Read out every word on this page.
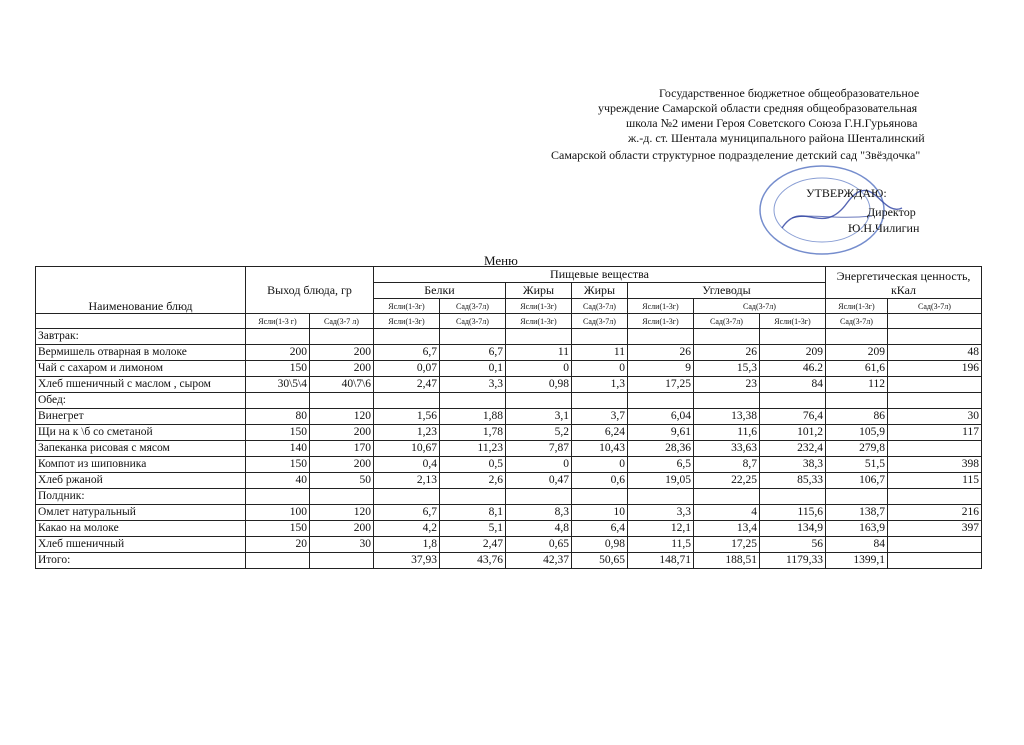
Государственное бюджетное общеобразовательное
учреждение Самарской области средняя общеобразовательная
школа №2 имени Героя Советского Союза Г.Н.Гурьянова
ж.-д. ст. Шентала муниципального района Шенталинский
Самарской области структурное подразделение детский сад "Звёздочка"
УТВЕРЖДАЮ:
Директор
Ю.Н.Чилигин
Меню
Наименование блюд	Выход блюда, гр		Пищевые вещества							Энергетическая ценность, кКал	
			Белки		Жиры	Жиры	Углеводы					
			Ясли(1-3г)	Сад(3-7л)	Ясли(1-3г)	Сад(3-7л)	Ясли(1-3г)	Сад(3-7л)		Ясли(1-3г)	Сад(3-7л)	
	Ясли(1-3 г)	Сад(3-7 л)	Ясли(1-3г)	Сад(3-7л)	Ясли(1-3г)	Сад(3-7л)	Ясли(1-3г)	Сад(3-7л)	Ясли(1-3г)	Сад(3-7л)		
Завтрак:												
Вермишель отварная в молоке	200	200	6,7	6,7	11	11	26	26	209	209	48	
Чай с сахаром и лимоном	150	200	0,07	0,1	0	0	9	15,3	46.2	61,6	196	
Хлеб пшеничный с маслом , сыром	30\5\4	40\7\6	2,47	3,3	0,98	1,3	17,25	23	84	112		
Обед:												
Винегрет	80	120	1,56	1,88	3,1	3,7	6,04	13,38	76,4	86	30	
Щи на к \б со сметаной	150	200	1,23	1,78	5,2	6,24	9,61	11,6	101,2	105,9	117	
Запеканка рисовая с мясом	140	170	10,67	11,23	7,87	10,43	28,36	33,63	232,4	279,8		
Компот из шиповника	150	200	0,4	0,5	0	0	6,5	8,7	38,3	51,5	398	
Хлеб ржаной	40	50	2,13	2,6	0,47	0,6	19,05	22,25	85,33	106,7	115	
Полдник:												
Омлет натуральный	100	120	6,7	8,1	8,3	10	3,3	4	115,6	138,7	216	
Какао на молоке	150	200	4,2	5,1	4,8	6,4	12,1	13,4	134,9	163,9	397	
Хлеб пшеничный	20	30	1,8	2,47	0,65	0,98	11,5	17,25	56	84		
Итого:			37,93	43,76	42,37	50,65	148,71	188,51	1179,33	1399,1		
